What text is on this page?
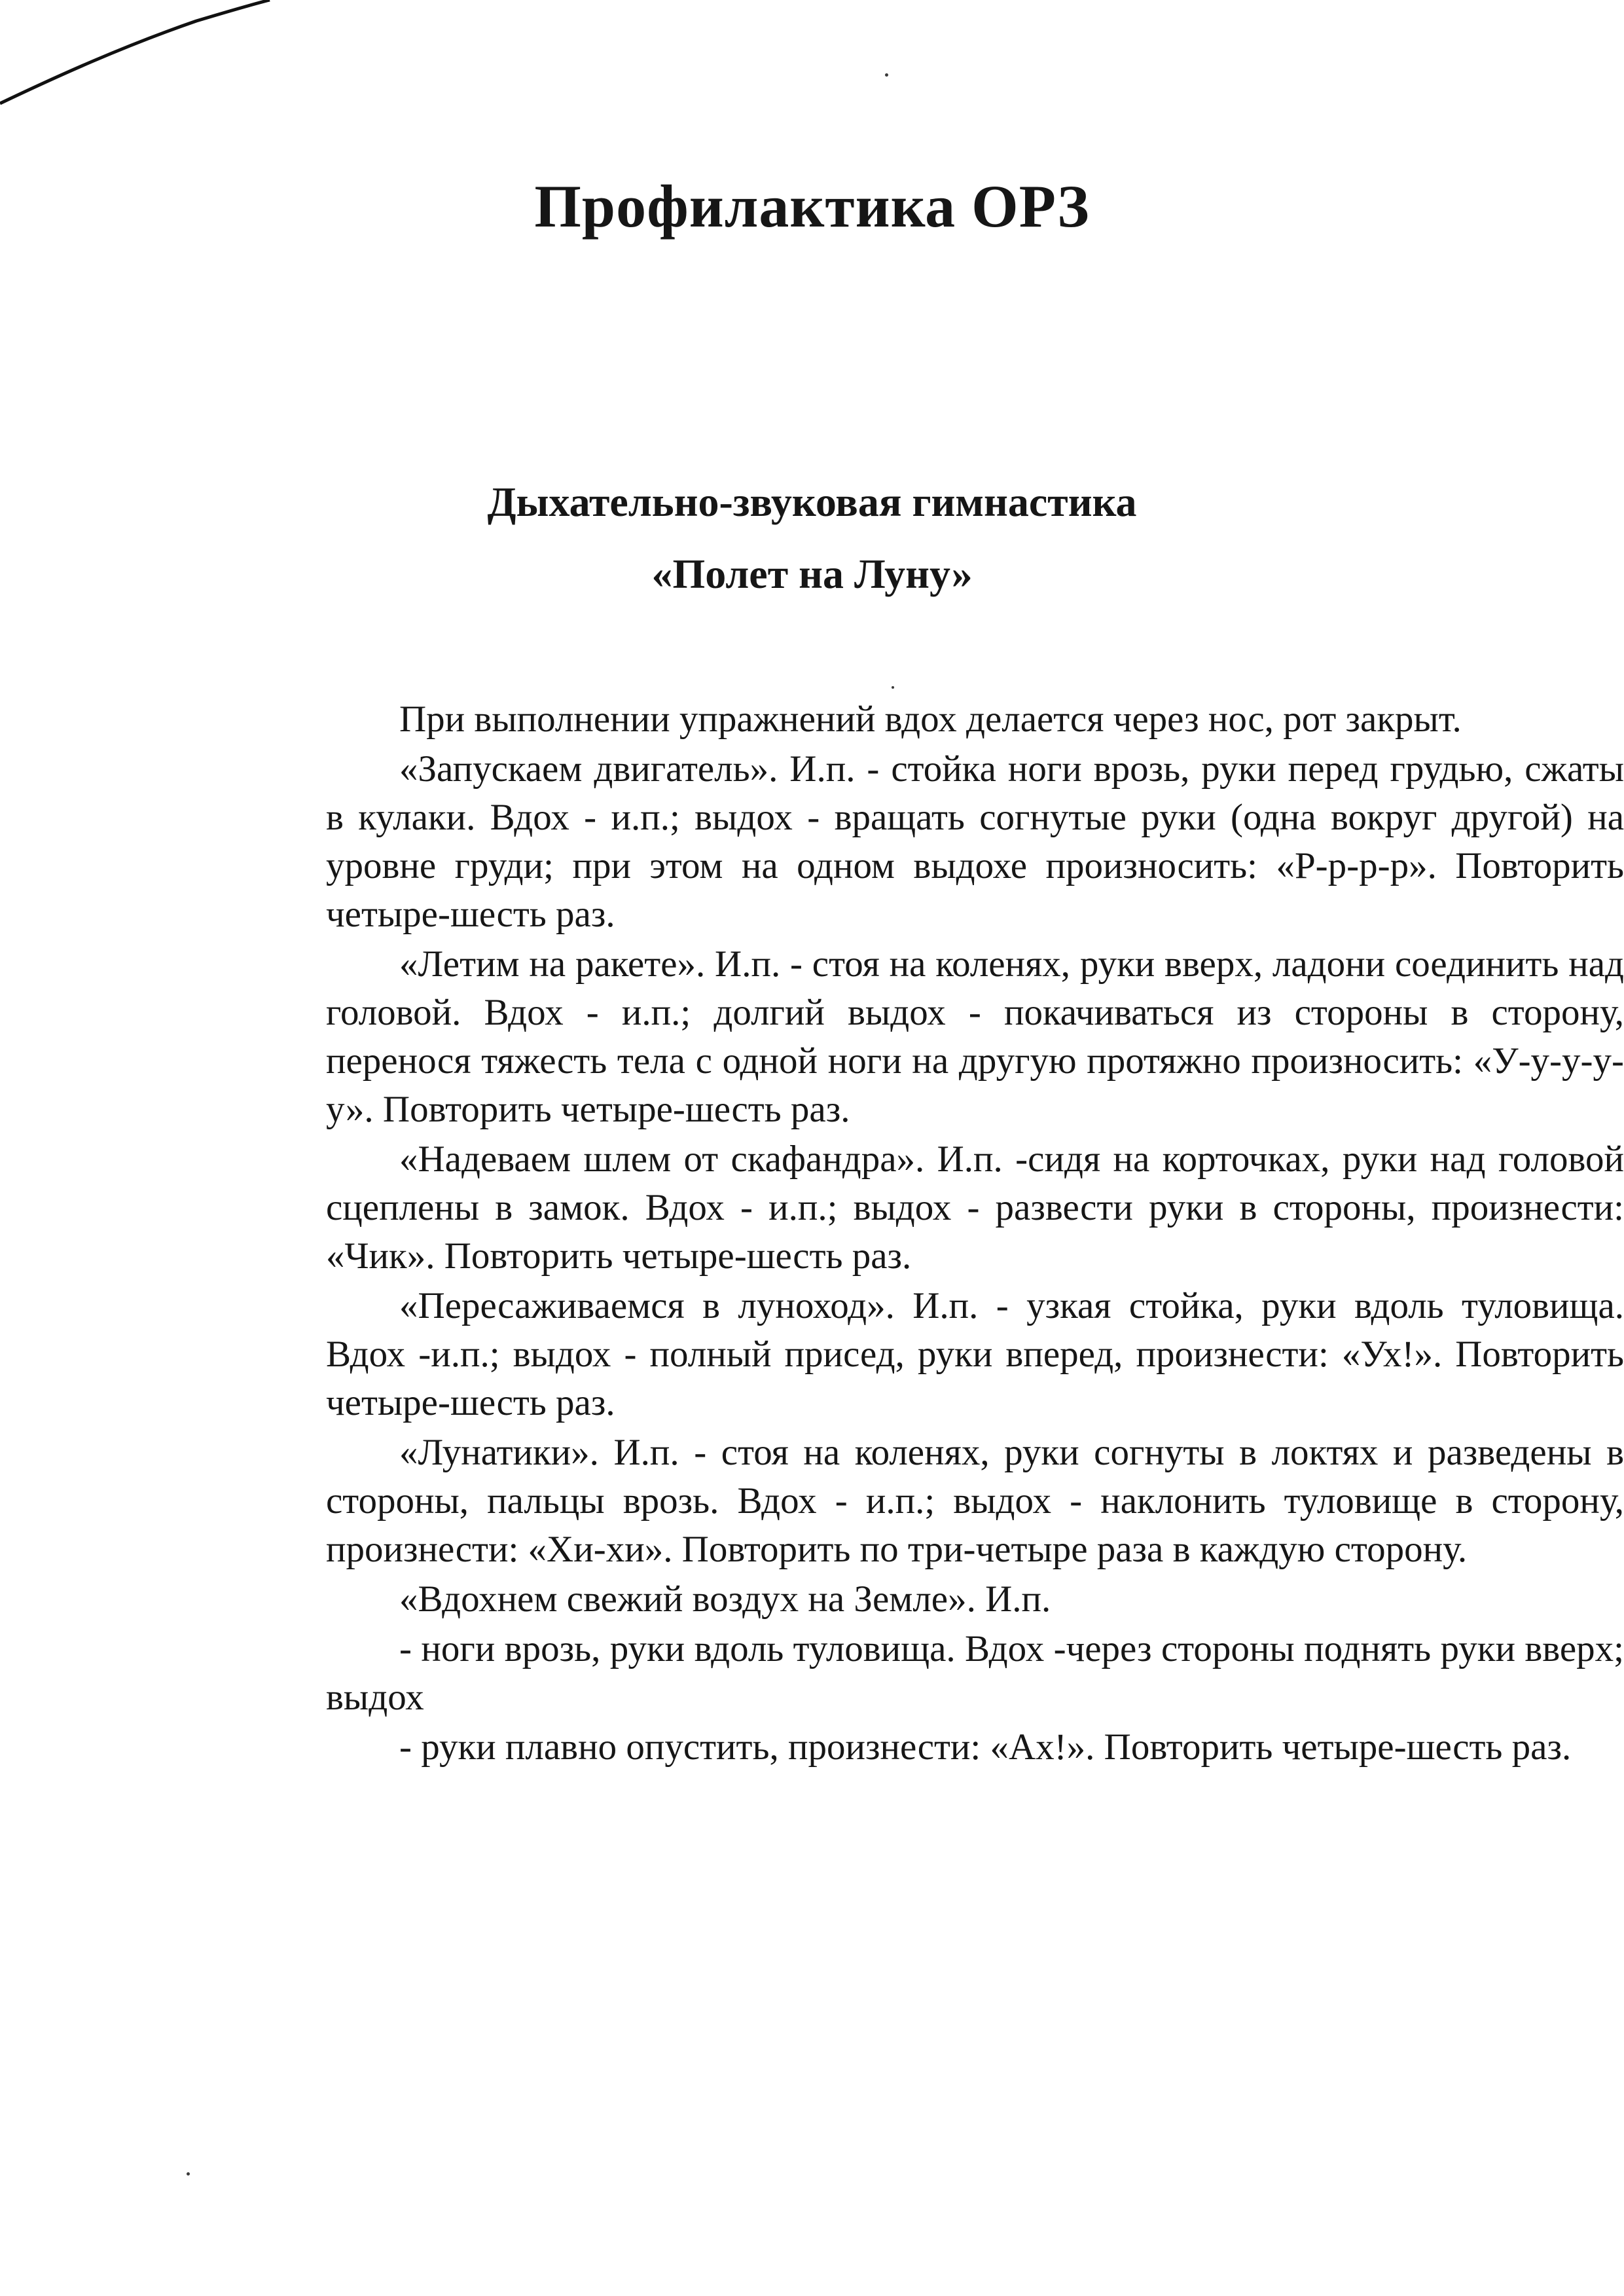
Профилактика ОРЗ
Дыхательно-звуковая гимнастика
«Полет на Луну»

При выполнении упражнений вдох делается через нос, рот закрыт.

«Запускаем двигатель». И.п. - стойка ноги врозь, руки перед грудью, сжаты в кулаки. Вдох - и.п.; выдох - вращать согнутые руки (одна вокруг другой) на уровне груди; при этом на одном выдохе произносить: «Р-р-р-р». Повторить четыре-шесть раз.

«Летим на ракете». И.п. - стоя на коленях, руки вверх, ладони соединить над головой. Вдох - и.п.; долгий выдох - покачиваться из стороны в сторону, перенося тяжесть тела с одной ноги на другую протяжно произносить: «У-у-у-у-у». Повторить четыре-шесть раз.

«Надеваем шлем от скафандра». И.п. -сидя на корточках, руки над головой сцеплены в замок. Вдох - и.п.; выдох - развести руки в стороны, произнести: «Чик». Повторить четыре-шесть раз.

«Пересаживаемся в луноход». И.п. - узкая стойка, руки вдоль туловища. Вдох -и.п.; выдох - полный присед, руки вперед, произнести: «Ух!». Повторить четыре-шесть раз.

«Лунатики». И.п. - стоя на коленях, руки согнуты в локтях и разведены в стороны, пальцы врозь. Вдох - и.п.; выдох - наклонить туловище в сторону, произнести: «Хи-хи». Повторить по три-четыре раза в каждую сторону.

«Вдохнем свежий воздух на Земле». И.п.

- ноги врозь, руки вдоль туловища. Вдох -через стороны поднять руки вверх; выдох

- руки плавно опустить, произнести: «Ах!». Повторить четыре-шесть раз.
